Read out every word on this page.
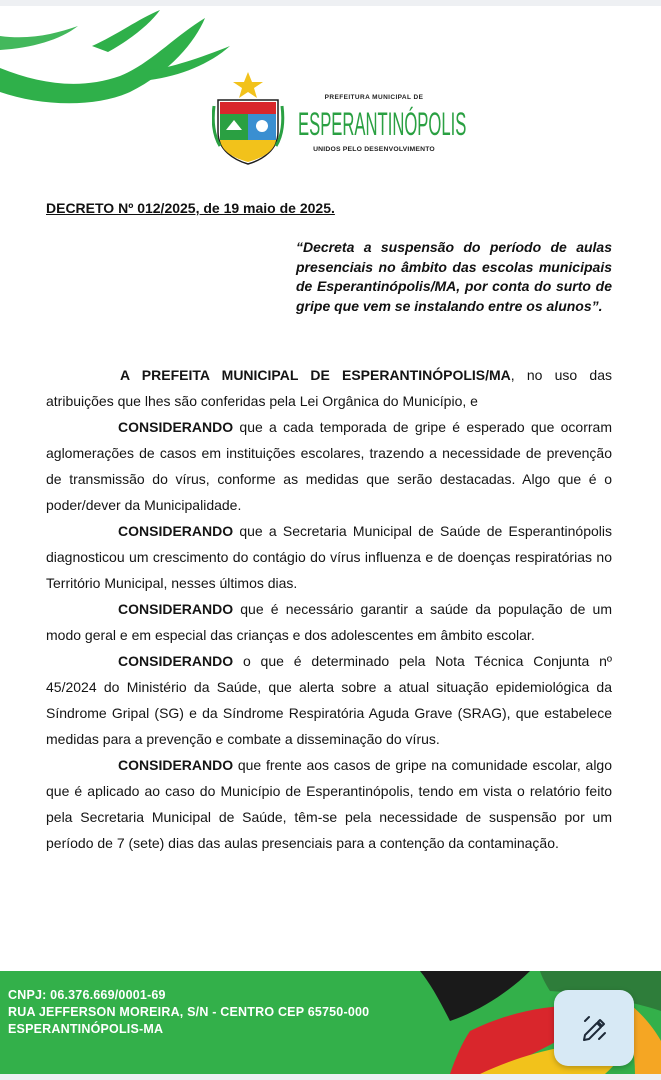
PREFEITURA MUNICIPAL DE
ESPERANTINÓPOLIS
UNIDOS PELO DESENVOLVIMENTO
DECRETO Nº 012/2025, de 19 maio de 2025.
“Decreta a suspensão do período de aulas presenciais no âmbito das escolas municipais de Esperantinópolis/MA, por conta do surto de gripe que vem se instalando entre os alunos”.

A PREFEITA MUNICIPAL DE ESPERANTINÓPOLIS/MA, no uso das atribuições que lhes são conferidas pela Lei Orgânica do Município, e

CONSIDERANDO que a cada temporada de gripe é esperado que ocorram aglomerações de casos em instituições escolares, trazendo a necessidade de prevenção de transmissão do vírus, conforme as medidas que serão destacadas. Algo que é o poder/dever da Municipalidade.

CONSIDERANDO que a Secretaria Municipal de Saúde de Esperantinópolis diagnosticou um crescimento do contágio do vírus influenza e de doenças respiratórias no Território Municipal, nesses últimos dias.

CONSIDERANDO que é necessário garantir a saúde da população de um modo geral e em especial das crianças e dos adolescentes em âmbito escolar.

CONSIDERANDO o que é determinado pela Nota Técnica Conjunta nº 45/2024 do Ministério da Saúde, que alerta sobre a atual situação epidemiológica da Síndrome Gripal (SG) e da Síndrome Respiratória Aguda Grave (SRAG), que estabelece medidas para a prevenção e combate a disseminação do vírus.

CONSIDERANDO que frente aos casos de gripe na comunidade escolar, algo que é aplicado ao caso do Município de Esperantinópolis, tendo em vista o relatório feito pela Secretaria Municipal de Saúde, têm-se pela necessidade de suspensão por um período de 7 (sete) dias das aulas presenciais para a contenção da contaminação.

CNPJ: 06.376.669/0001-69
RUA JEFFERSON MOREIRA, S/N - CENTRO CEP 65750-000
ESPERANTINÓPOLIS-MA
